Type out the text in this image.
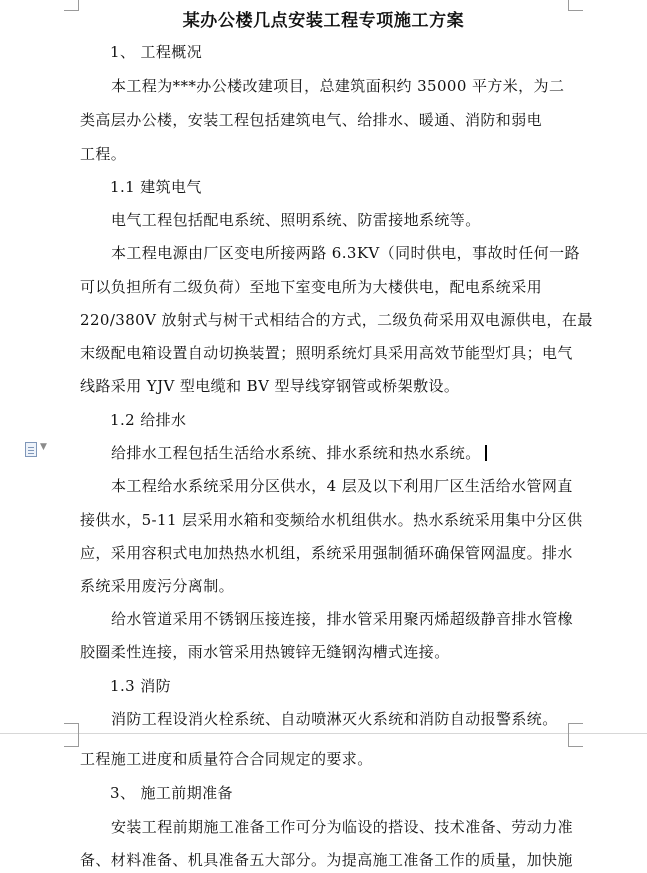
某办公楼几点安装工程专项施工方案
1、 工程概况
本工程为***办公楼改建项目，总建筑面积约 35000 平方米，为二
类高层办公楼，安装工程包括建筑电气、给排水、暖通、消防和弱电
工程。
1.1 建筑电气
电气工程包括配电系统、照明系统、防雷接地系统等。
本工程电源由厂区变电所接两路 6.3KV（同时供电，事故时任何一路
可以负担所有二级负荷）至地下室变电所为大楼供电，配电系统采用
220/380V 放射式与树干式相结合的方式，二级负荷采用双电源供电，在最
末级配电箱设置自动切换装置；照明系统灯具采用高效节能型灯具；电气
线路采用 YJV 型电缆和 BV 型导线穿钢管或桥架敷设。
1.2 给排水
▼	给排水工程包括生活给水系统、排水系统和热水系统。
本工程给水系统采用分区供水，4 层及以下利用厂区生活给水管网直
接供水，5-11 层采用水箱和变频给水机组供水。热水系统采用集中分区供
应，采用容积式电加热热水机组，系统采用强制循环确保管网温度。排水
系统采用废污分离制。
给水管道采用不锈钢压接连接，排水管采用聚丙烯超级静音排水管橡
胶圈柔性连接，雨水管采用热镀锌无缝钢沟槽式连接。
1.3 消防
消防工程设消火栓系统、自动喷淋灭火系统和消防自动报警系统。
工程施工进度和质量符合合同规定的要求。
3、 施工前期准备
安装工程前期施工准备工作可分为临设的搭设、技术准备、劳动力准
备、材料准备、机具准备五大部分。为提高施工准备工作的质量，加快施
